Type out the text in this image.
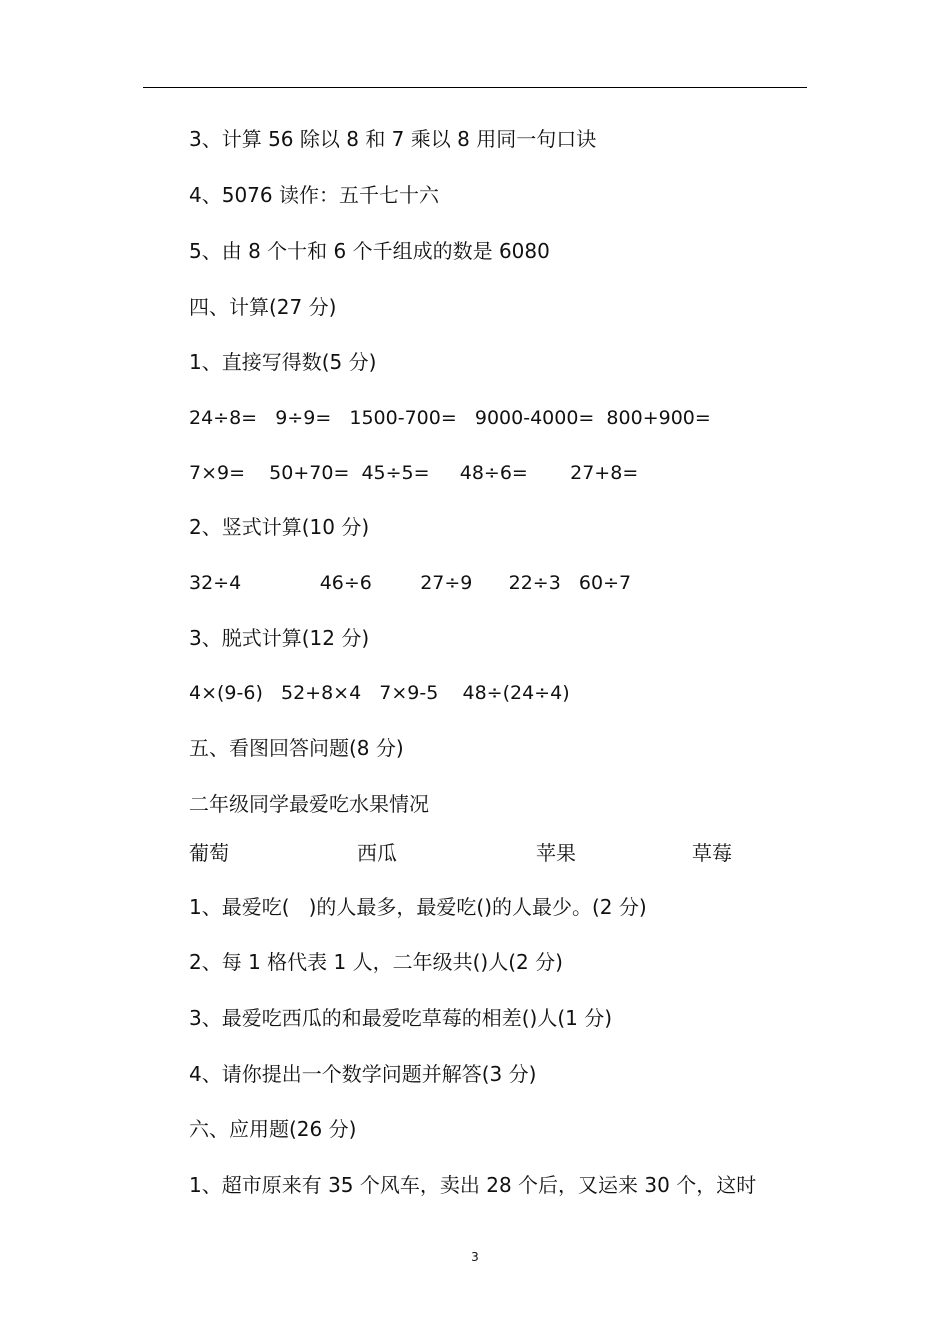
3、计算 56 除以 8 和 7 乘以 8 用同一句口诀
4、5076 读作：五千七十六
5、由 8 个十和 6 个千组成的数是 6080
四、计算(27 分)
1、直接写得数(5 分)
24÷8=   9÷9=   1500-700=   9000-4000=  800+900=
7×9=    50+70=  45÷5=     48÷6=       27+8=
2、竖式计算(10 分)
32÷4             46÷6        27÷9      22÷3   60÷7
3、脱式计算(12 分)
4×(9-6)   52+8×4   7×9-5    48÷(24÷4)
五、看图回答问题(8 分)
二年级同学最爱吃水果情况
葡萄	西瓜	苹果	草莓
1、最爱吃(   )的人最多，最爱吃()的人最少。(2 分)
2、每 1 格代表 1 人，二年级共()人(2 分)
3、最爱吃西瓜的和最爱吃草莓的相差()人(1 分)
4、请你提出一个数学问题并解答(3 分)
六、应用题(26 分)
1、超市原来有 35 个风车，卖出 28 个后，又运来 30 个，这时
3
